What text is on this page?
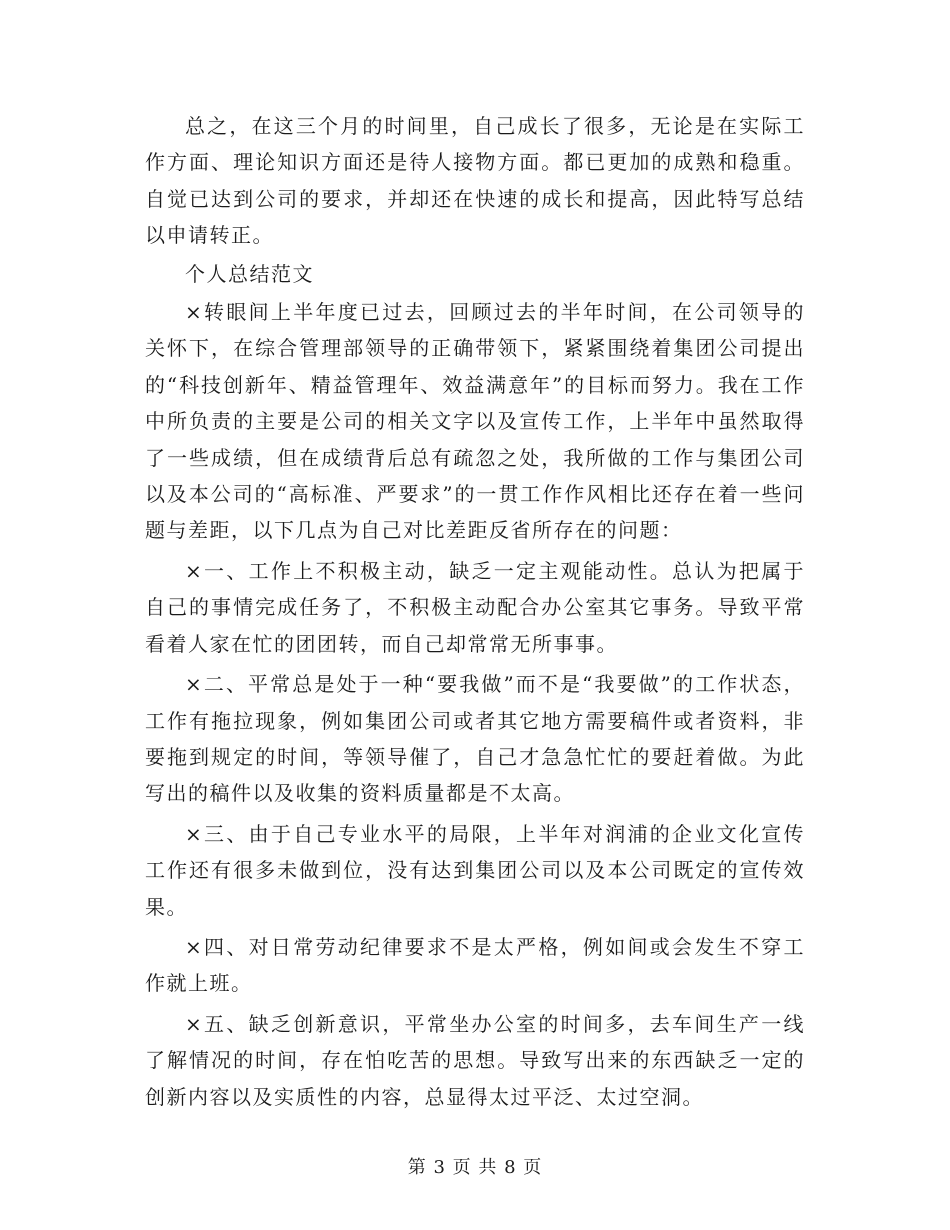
总之，在这三个月的时间里，自己成长了很多，无论是在实际工作方面、理论知识方面还是待人接物方面。都已更加的成熟和稳重。自觉已达到公司的要求，并却还在快速的成长和提高，因此特写总结以申请转正。

个人总结范文

×转眼间上半年度已过去，回顾过去的半年时间，在公司领导的关怀下，在综合管理部领导的正确带领下，紧紧围绕着集团公司提出的“科技创新年、精益管理年、效益满意年”的目标而努力。我在工作中所负责的主要是公司的相关文字以及宣传工作，上半年中虽然取得了一些成绩，但在成绩背后总有疏忽之处，我所做的工作与集团公司以及本公司的“高标准、严要求”的一贯工作作风相比还存在着一些问题与差距，以下几点为自己对比差距反省所存在的问题：

×一、工作上不积极主动，缺乏一定主观能动性。总认为把属于自己的事情完成任务了，不积极主动配合办公室其它事务。导致平常看着人家在忙的团团转，而自己却常常无所事事。

×二、平常总是处于一种“要我做”而不是“我要做”的工作状态，工作有拖拉现象，例如集团公司或者其它地方需要稿件或者资料，非要拖到规定的时间，等领导催了，自己才急急忙忙的要赶着做。为此写出的稿件以及收集的资料质量都是不太高。

×三、由于自己专业水平的局限，上半年对润浦的企业文化宣传工作还有很多未做到位，没有达到集团公司以及本公司既定的宣传效果。

×四、对日常劳动纪律要求不是太严格，例如间或会发生不穿工作就上班。

×五、缺乏创新意识，平常坐办公室的时间多，去车间生产一线了解情况的时间，存在怕吃苦的思想。导致写出来的东西缺乏一定的创新内容以及实质性的内容，总显得太过平泛、太过空洞。

第 3 页 共 8 页
